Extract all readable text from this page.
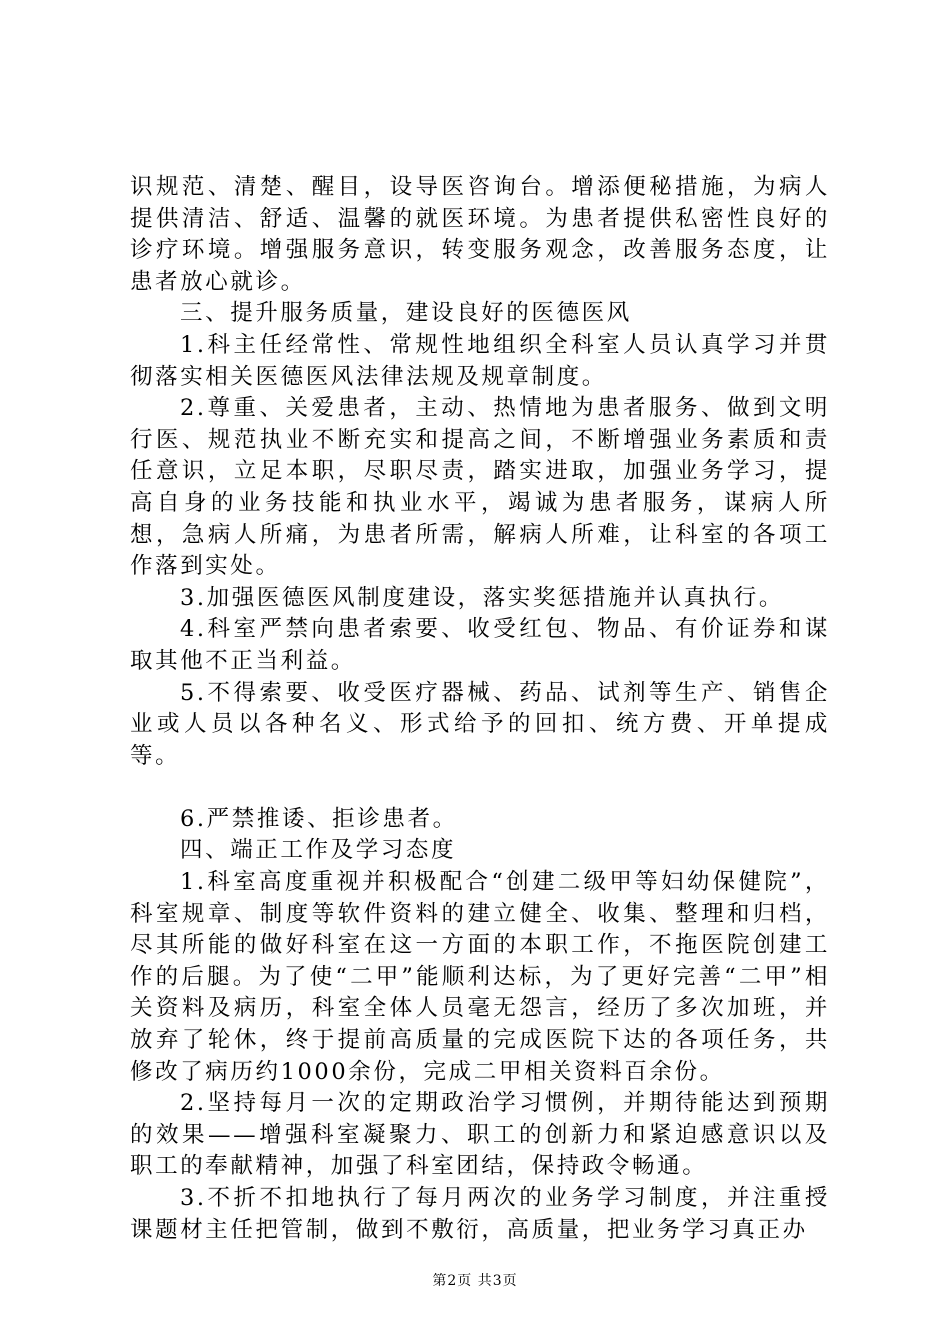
识规范、清楚、醒目，设导医咨询台。增添便秘措施，为病人提供清洁、舒适、温馨的就医环境。为患者提供私密性良好的诊疗环境。增强服务意识，转变服务观念，改善服务态度，让患者放心就诊。

三、提升服务质量，建设良好的医德医风

1.科主任经常性、常规性地组织全科室人员认真学习并贯彻落实相关医德医风法律法规及规章制度。

2.尊重、关爱患者，主动、热情地为患者服务、做到文明行医、规范执业不断充实和提高之间，不断增强业务素质和责任意识，立足本职，尽职尽责，踏实进取，加强业务学习，提高自身的业务技能和执业水平，竭诚为患者服务，谋病人所想，急病人所痛，为患者所需，解病人所难，让科室的各项工作落到实处。

3.加强医德医风制度建设，落实奖惩措施并认真执行。

4.科室严禁向患者索要、收受红包、物品、有价证券和谋取其他不正当利益。

5.不得索要、收受医疗器械、药品、试剂等生产、销售企业或人员以各种名义、形式给予的回扣、统方费、开单提成等。

6.严禁推诿、拒诊患者。

四、端正工作及学习态度

1.科室高度重视并积极配合“创建二级甲等妇幼保健院”，科室规章、制度等软件资料的建立健全、收集、整理和归档，尽其所能的做好科室在这一方面的本职工作，不拖医院创建工作的后腿。为了使“二甲”能顺利达标，为了更好完善“二甲”相关资料及病历，科室全体人员毫无怨言，经历了多次加班，并放弃了轮休，终于提前高质量的完成医院下达的各项任务，共修改了病历约1000余份，完成二甲相关资料百余份。

2.坚持每月一次的定期政治学习惯例，并期待能达到预期的效果——增强科室凝聚力、职工的创新力和紧迫感意识以及职工的奉献精神，加强了科室团结，保持政令畅通。

3.不折不扣地执行了每月两次的业务学习制度，并注重授课题材主任把管制，做到不敷衍，高质量，把业务学习真正办

第2页 共3页
